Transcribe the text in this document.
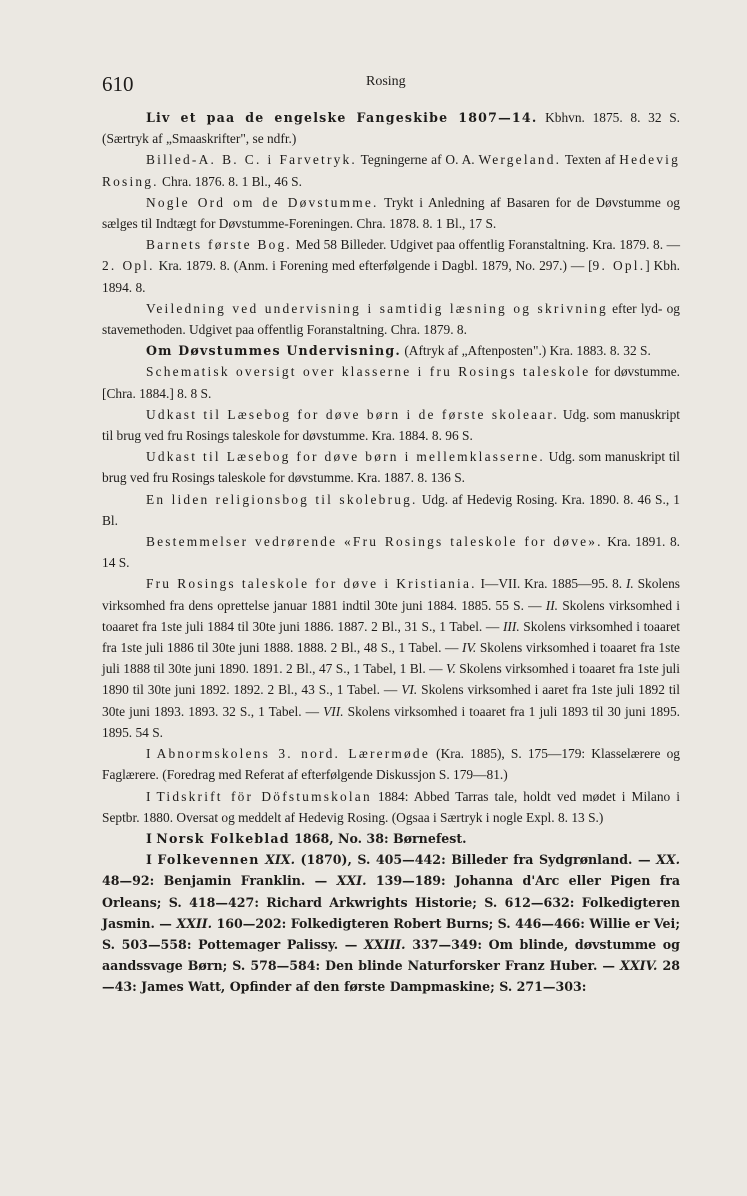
610	Rosing

Liv et paa de engelske Fangeskibe 1807—14. Kbhvn. 1875. 8. 32 S. (Særtryk af „Smaaskrifter", se ndfr.)

Billed-A. B. C. i Farvetryk. Tegningerne af O. A. Wergeland. Texten af Hedevig Rosing. Chra. 1876. 8. 1 Bl., 46 S.

Nogle Ord om de Døvstumme. Trykt i Anledning af Basaren for de Døvstumme og sælges til Indtægt for Døvstumme-Foreningen. Chra. 1878. 8. 1 Bl., 17 S.

Barnets første Bog. Med 58 Billeder. Udgivet paa offentlig Foranstaltning. Kra. 1879. 8. — 2. Opl. Kra. 1879. 8. (Anm. i Forening med efterfølgende i Dagbl. 1879, No. 297.) — [9. Opl.] Kbh. 1894. 8.

Veiledning ved undervisning i samtidig læsning og skrivning efter lyd- og stavemethoden. Udgivet paa offentlig Foranstaltning. Chra. 1879. 8.

Om Døvstummes Undervisning. (Aftryk af „Aftenposten".) Kra. 1883. 8. 32 S.

Schematisk oversigt over klasserne i fru Rosings taleskole for døvstumme. [Chra. 1884.] 8. 8 S.

Udkast til Læsebog for døve børn i de første skoleaar. Udg. som manuskript til brug ved fru Rosings taleskole for døvstumme. Kra. 1884. 8. 96 S.

Udkast til Læsebog for døve børn i mellemklasserne. Udg. som manuskript til brug ved fru Rosings taleskole for døvstumme. Kra. 1887. 8. 136 S.

En liden religionsbog til skolebrug. Udg. af Hedevig Rosing. Kra. 1890. 8. 46 S., 1 Bl.

Bestemmelser vedrørende «Fru Rosings taleskole for døve». Kra. 1891. 8. 14 S.

Fru Rosings taleskole for døve i Kristiania. I—VII. Kra. 1885—95. 8. I. Skolens virksomhed fra dens oprettelse januar 1881 indtil 30te juni 1884. 1885. 55 S. — II. Skolens virksomhed i toaaret fra 1ste juli 1884 til 30te juni 1886. 1887. 2 Bl., 31 S., 1 Tabel. — III. Skolens virksomhed i toaaret fra 1ste juli 1886 til 30te juni 1888. 1888. 2 Bl., 48 S., 1 Tabel. — IV. Skolens virksomhed i toaaret fra 1ste juli 1888 til 30te juni 1890. 1891. 2 Bl., 47 S., 1 Tabel, 1 Bl. — V. Skolens virksomhed i toaaret fra 1ste juli 1890 til 30te juni 1892. 1892. 2 Bl., 43 S., 1 Tabel. — VI. Skolens virksomhed i aaret fra 1ste juli 1892 til 30te juni 1893. 1893. 32 S., 1 Tabel. — VII. Skolens virksomhed i toaaret fra 1 juli 1893 til 30 juni 1895. 1895. 54 S.

I Abnormskolens 3. nord. Lærermøde (Kra. 1885), S. 175—179: Klasselærere og Faglærere. (Foredrag med Referat af efterfølgende Diskussjon S. 179—81.)

I Tidskrift för Döfstumskolan 1884: Abbed Tarras tale, holdt ved mødet i Milano i Septbr. 1880. Oversat og meddelt af Hedevig Rosing. (Ogsaa i Særtryk i nogle Expl. 8. 13 S.)

I Norsk Folkeblad 1868, No. 38: Børnefest.

I Folkevennen XIX. (1870), S. 405—442: Billeder fra Sydgrønland. — XX. 48—92: Benjamin Franklin. — XXI. 139—189: Johanna d'Arc eller Pigen fra Orleans; S. 418—427: Richard Arkwrights Historie; S. 612—632: Folkedigteren Jasmin. — XXII. 160—202: Folkedigteren Robert Burns; S. 446—466: Willie er Vei; S. 503—558: Pottemager Palissy. — XXIII. 337—349: Om blinde, døvstumme og aandssvage Børn; S. 578—584: Den blinde Naturforsker Franz Huber. — XXIV. 28—43: James Watt, Opfinder af den første Dampmaskine; S. 271—303:
